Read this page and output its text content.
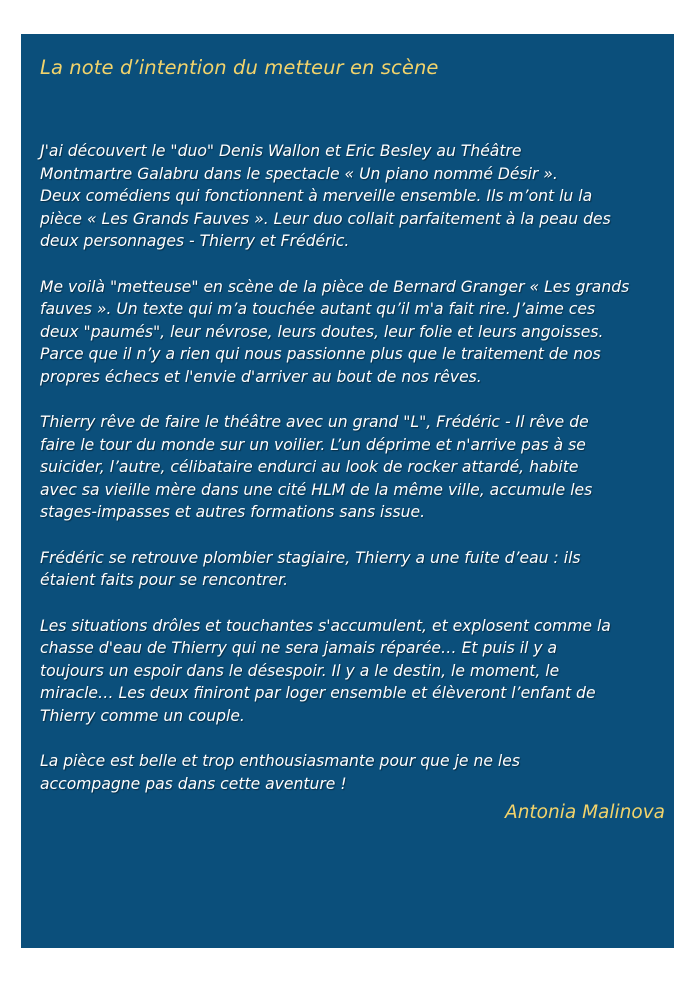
La note d’intention du metteur en scène

J'ai découvert le "duo" Denis Wallon et Eric Besley au Théâtre
Montmartre Galabru dans le spectacle « Un piano nommé Désir ».
Deux comédiens qui fonctionnent à merveille ensemble. Ils m’ont lu la
pièce « Les Grands Fauves ». Leur duo collait parfaitement à la peau des
deux personnages - Thierry et Frédéric.

Me voilà "metteuse" en scène de la pièce de Bernard Granger « Les grands
fauves ». Un texte qui m’a touchée autant qu’il m'a fait rire. J’aime ces
deux "paumés", leur névrose, leurs doutes, leur folie et leurs angoisses.
Parce que il n’y a rien qui nous passionne plus que le traitement de nos
propres échecs et l'envie d'arriver au bout de nos rêves.

Thierry rêve de faire le théâtre avec un grand "L", Frédéric - Il rêve de
faire le tour du monde sur un voilier. L’un déprime et n'arrive pas à se
suicider, l’autre, célibataire endurci au look de rocker attardé, habite
avec sa vieille mère dans une cité HLM de la même ville, accumule les
stages-impasses et autres formations sans issue.

Frédéric se retrouve plombier stagiaire, Thierry a une fuite d’eau : ils
étaient faits pour se rencontrer.

Les situations drôles et touchantes s'accumulent, et explosent comme la
chasse d'eau de Thierry qui ne sera jamais réparée… Et puis il y a
toujours un espoir dans le désespoir. Il y a le destin, le moment, le
miracle… Les deux finiront par loger ensemble et élèveront l’enfant de
Thierry comme un couple.

La pièce est belle et trop enthousiasmante pour que je ne les
accompagne pas dans cette aventure !

Antonia Malinova
